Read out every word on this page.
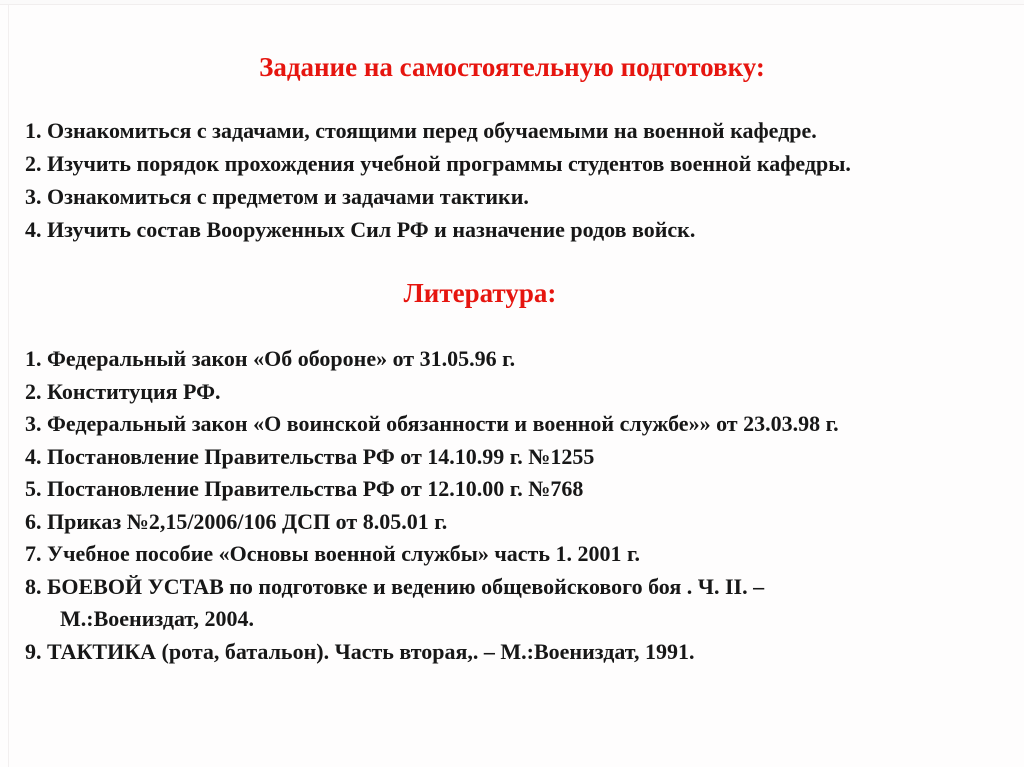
Задание на самостоятельную подготовку:
1. Ознакомиться с задачами, стоящими перед обучаемыми на военной кафедре.
2. Изучить порядок прохождения учебной программы студентов военной кафедры.
3. Ознакомиться с предметом и задачами тактики.
4. Изучить состав Вооруженных Сил РФ и назначение родов войск.
Литература:
1. Федеральный закон «Об обороне» от 31.05.96 г.
2. Конституция РФ.
3. Федеральный закон «О воинской обязанности и военной службе»» от 23.03.98 г.
4. Постановление Правительства РФ от 14.10.99 г. №1255
5. Постановление Правительства РФ от 12.10.00 г. №768
6. Приказ №2,15/2006/106 ДСП от 8.05.01 г.
7. Учебное пособие «Основы военной службы» часть 1. 2001 г.
8. БОЕВОЙ УСТАВ по подготовке и ведению общевойскового боя . Ч. II. –
М.:Воениздат, 2004.
9. ТАКТИКА (рота, батальон). Часть вторая,. – М.:Воениздат, 1991.
